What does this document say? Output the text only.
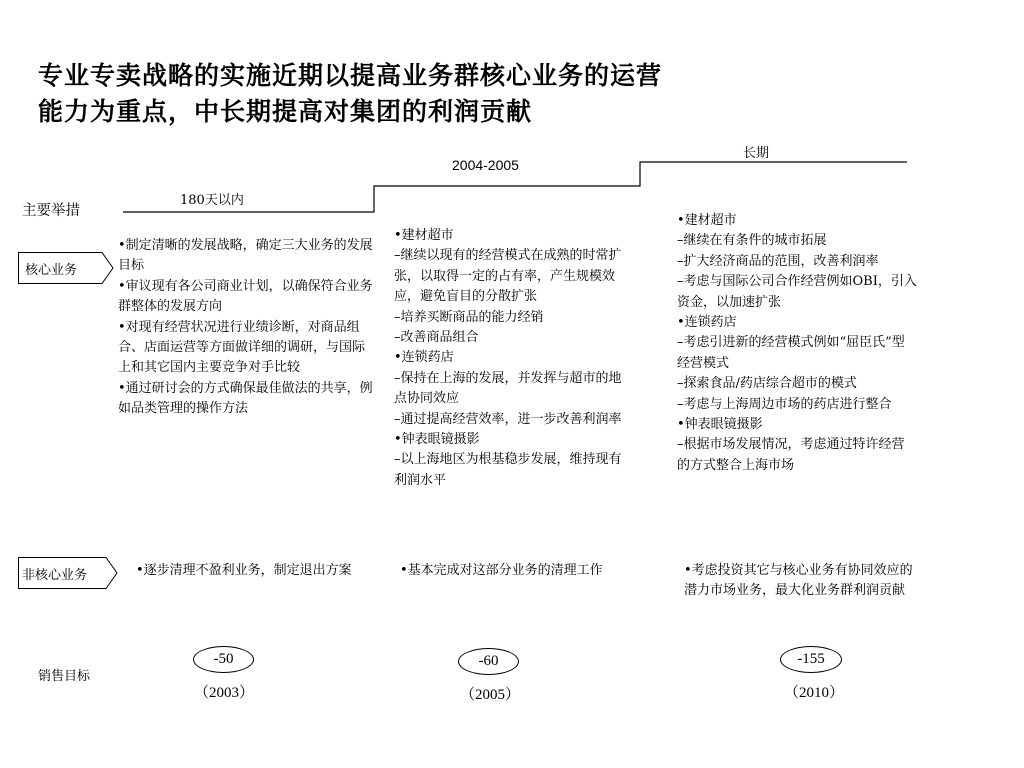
专业专卖战略的实施近期以提高业务群核心业务的运营
能力为重点，中长期提高对集团的利润贡献
180天以内
2004-2005
长期
主要举措
销售目标
核心业务
非核心业务
•制定清晰的发展战略，确定三大业务的发展目标
•审议现有各公司商业计划，以确保符合业务群整体的发展方向
•对现有经营状况进行业绩诊断，对商品组合、店面运营等方面做详细的调研，与国际上和其它国内主要竞争对手比较
•通过研讨会的方式确保最佳做法的共享，例如品类管理的操作方法
•建材超市
–继续以现有的经营模式在成熟的时常扩张，以取得一定的占有率，产生规模效应，避免盲目的分散扩张
–培养买断商品的能力经销
–改善商品组合
•连锁药店
–保持在上海的发展，并发挥与超市的地点协同效应
–通过提高经营效率，进一步改善利润率
•钟表眼镜摄影
–以上海地区为根基稳步发展，维持现有利润水平
•建材超市
–继续在有条件的城市拓展
–扩大经济商品的范围，改善利润率
–考虑与国际公司合作经营例如OBI，引入资金，以加速扩张
•连锁药店
–考虑引进新的经营模式例如“屈臣氏”型经营模式
–探索食品/药店综合超市的模式
–考虑与上海周边市场的药店进行整合
•钟表眼镜摄影
–根据市场发展情况，考虑通过特许经营的方式整合上海市场
•逐步清理不盈利业务，制定退出方案	•基本完成对这部分业务的清理工作	•考虑投资其它与核心业务有协同效应的潜力市场业务，最大化业务群利润贡献
-50
（2003）
-60
（2005）
-155
（2010）
